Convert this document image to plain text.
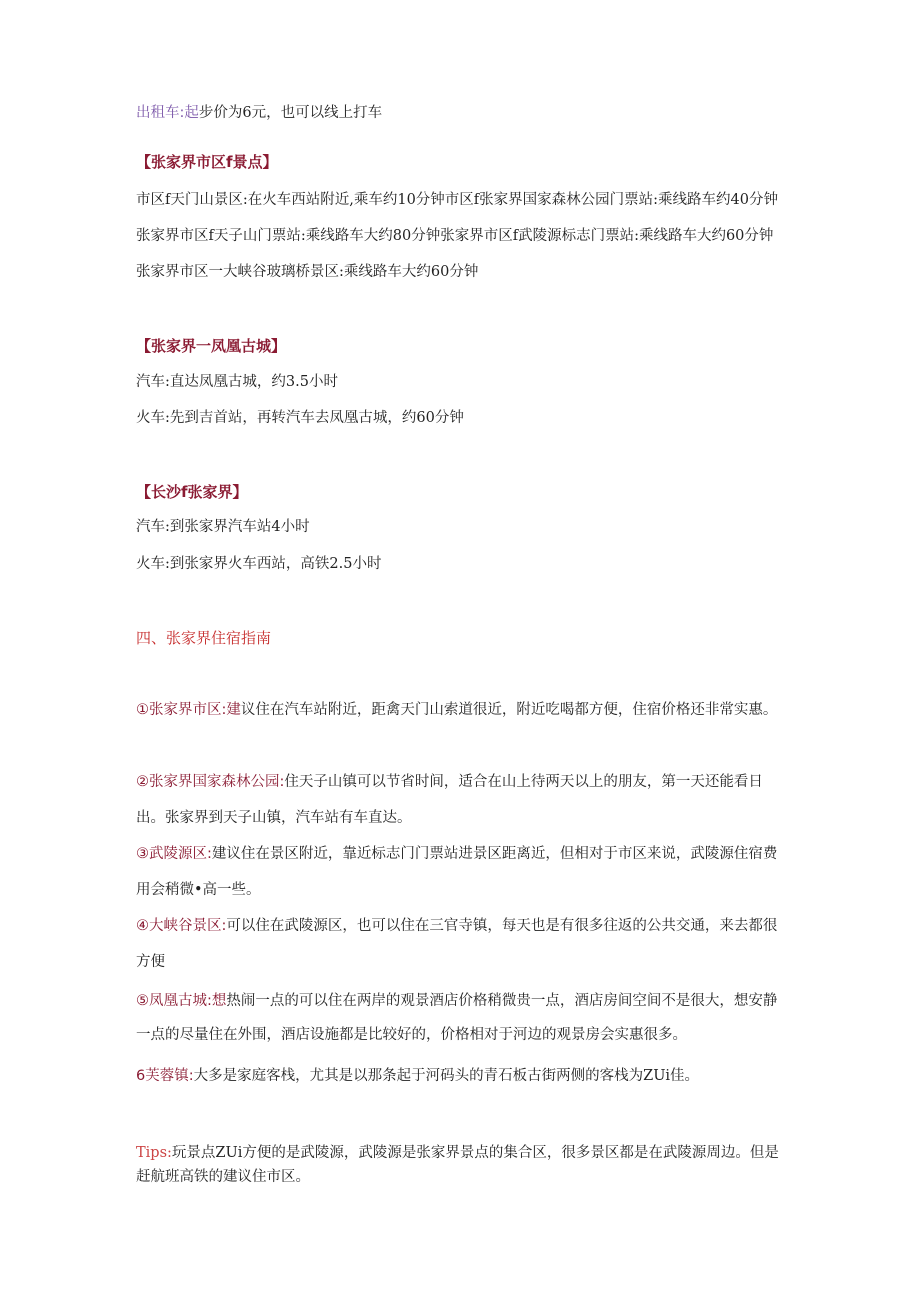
出租车:起步价为6元，也可以线上打车
【张家界市区f景点】
市区f天门山景区:在火车西站附近,乘车约10分钟市区f张家界国家森林公园门票站:乘线路车约40分钟张家界市区f天子山门票站:乘线路车大约80分钟张家界市区f武陵源标志门票站:乘线路车大约60分钟张家界市区一大峡谷玻璃桥景区:乘线路车大约60分钟
【张家界一凤凰古城】
汽车:直达凤凰古城，约3.5小时
火车:先到吉首站，再转汽车去凤凰古城，约60分钟
【长沙f张家界】
汽车:到张家界汽车站4小时
火车:到张家界火车西站，高铁2.5小时
四、张家界住宿指南
①张家界市区:建议住在汽车站附近，距禽天门山索道很近，附近吃喝都方便，住宿价格还非常实惠。
②张家界国家森林公园:住天子山镇可以节省时间，适合在山上待两天以上的朋友，第一天还能看日出。张家界到天子山镇，汽车站有车直达。
③武陵源区:建议住在景区附近，靠近标志门门票站进景区距离近，但相对于市区来说，武陵源住宿费用会稍微•高一些。
④大峡谷景区:可以住在武陵源区，也可以住在三官寺镇，每天也是有很多往返的公共交通，来去都很方便
⑤凤凰古城:想热闹一点的可以住在两岸的观景酒店价格稍微贵一点，酒店房间空间不是很大，想安静一点的尽量住在外围，酒店设施都是比较好的，价格相对于河边的观景房会实惠很多。
6芙蓉镇:大多是家庭客栈，尤其是以那条起于河码头的青石板古街两侧的客栈为ZUi佳。
Tips:玩景点ZUi方便的是武陵源，武陵源是张家界景点的集合区，很多景区都是在武陵源周边。但是赶航班高铁的建议住市区。
